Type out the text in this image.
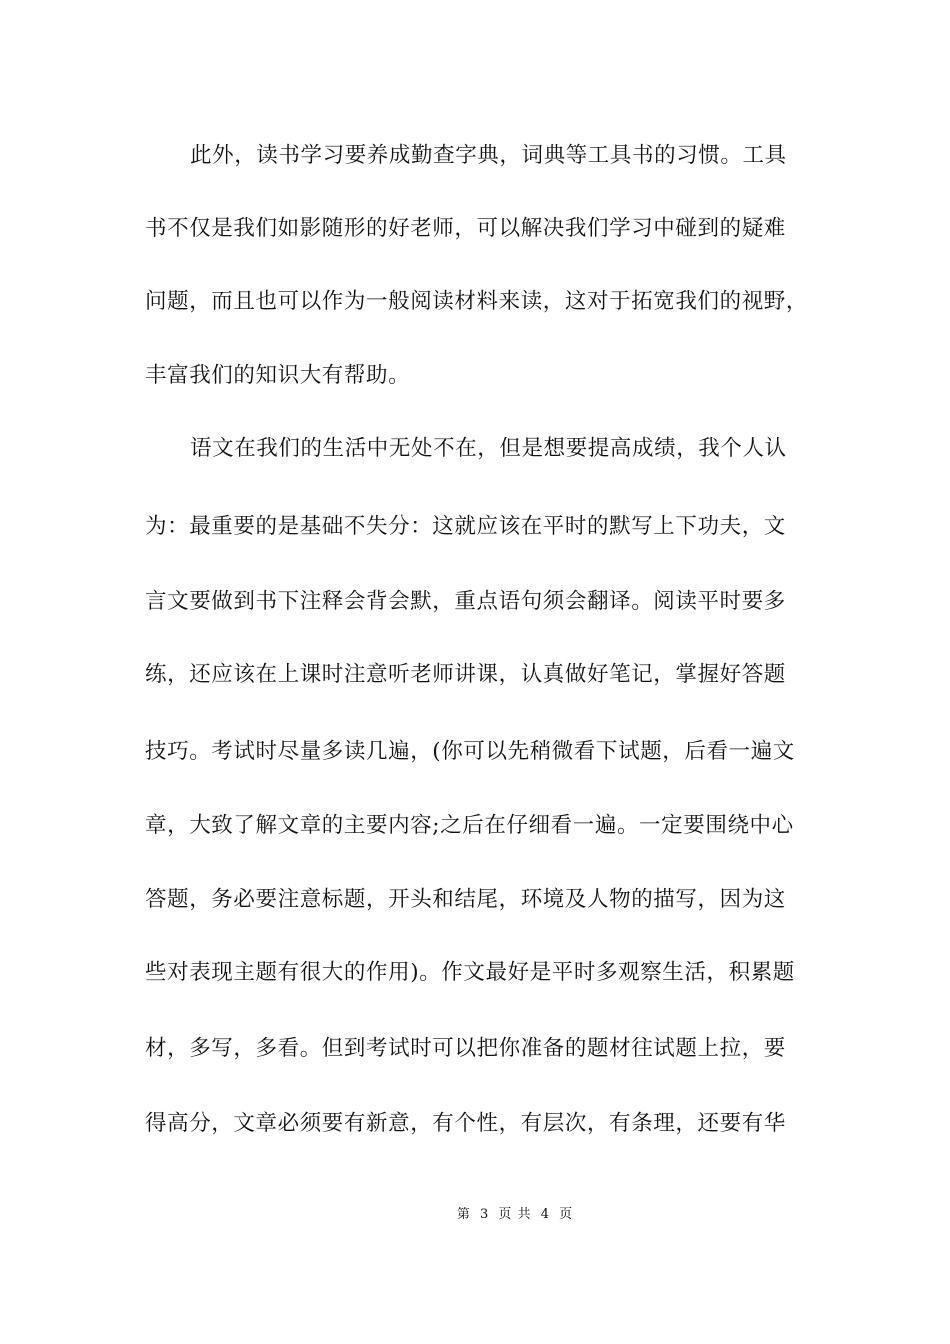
此外，读书学习要养成勤查字典，词典等工具书的习惯。工具
书不仅是我们如影随形的好老师，可以解决我们学习中碰到的疑难
问题，而且也可以作为一般阅读材料来读，这对于拓宽我们的视野，
丰富我们的知识大有帮助。
语文在我们的生活中无处不在，但是想要提高成绩，我个人认
为：最重要的是基础不失分：这就应该在平时的默写上下功夫，文
言文要做到书下注释会背会默，重点语句须会翻译。阅读平时要多
练，还应该在上课时注意听老师讲课，认真做好笔记，掌握好答题
技巧。考试时尽量多读几遍，(你可以先稍微看下试题，后看一遍文
章，大致了解文章的主要内容;之后在仔细看一遍。一定要围绕中心
答题，务必要注意标题，开头和结尾，环境及人物的描写，因为这
些对表现主题有很大的作用)。作文最好是平时多观察生活，积累题
材，多写，多看。但到考试时可以把你准备的题材往试题上拉，要
得高分，文章必须要有新意，有个性，有层次，有条理，还要有华
第 3 页 共 4 页
